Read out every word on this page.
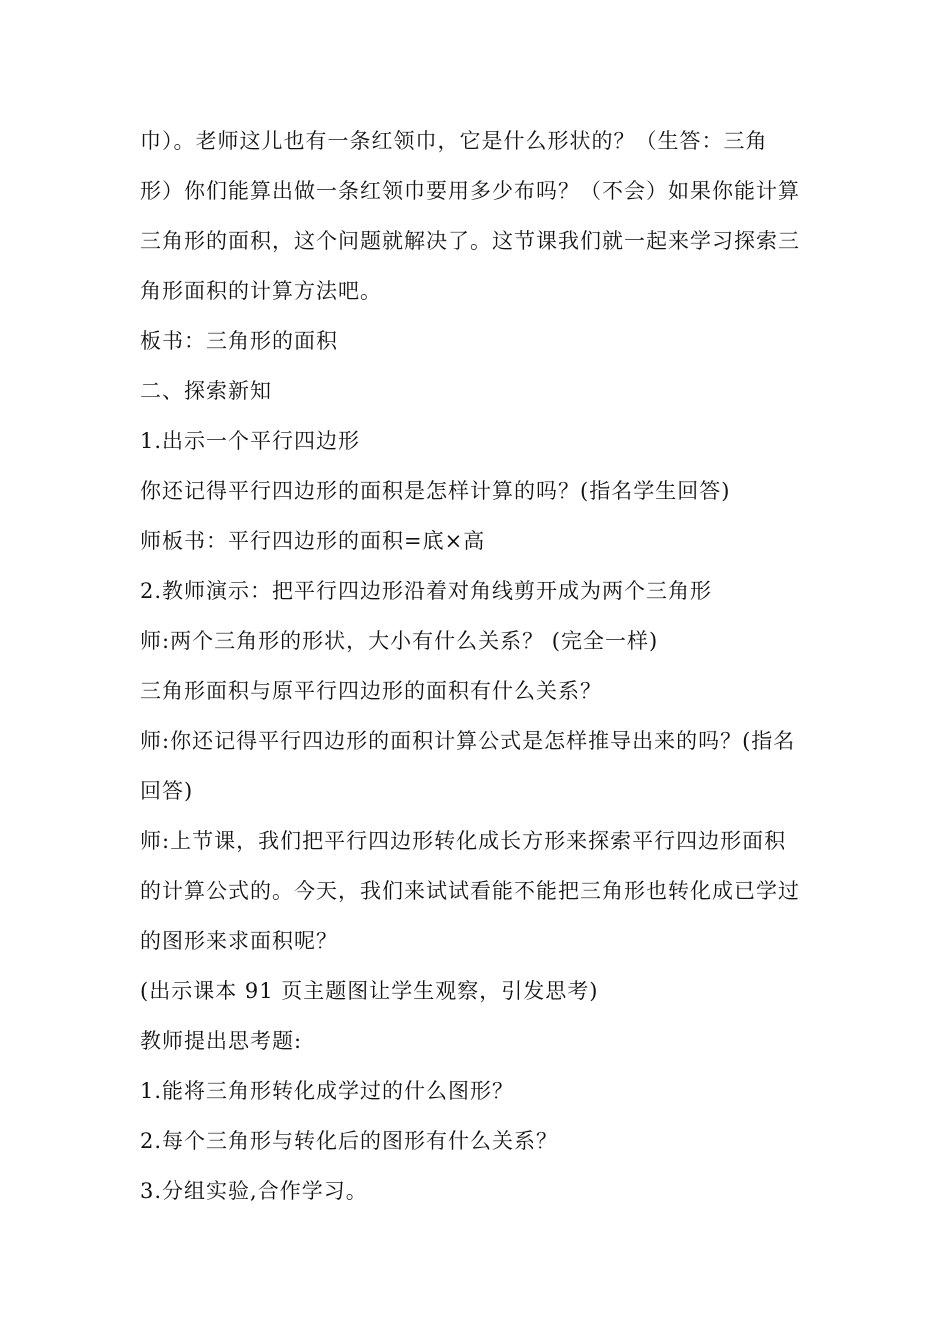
巾）。老师这儿也有一条红领巾，它是什么形状的？（生答：三角
形）你们能算出做一条红领巾要用多少布吗？（不会）如果你能计算
三角形的面积，这个问题就解决了。这节课我们就一起来学习探索三
角形面积的计算方法吧。
板书：三角形的面积
二、探索新知
1.出示一个平行四边形
你还记得平行四边形的面积是怎样计算的吗？(指名学生回答)
师板书：平行四边形的面积=底×高
2.教师演示：把平行四边形沿着对角线剪开成为两个三角形
师:两个三角形的形状，大小有什么关系？ (完全一样)
三角形面积与原平行四边形的面积有什么关系？
师:你还记得平行四边形的面积计算公式是怎样推导出来的吗？(指名
回答)
师:上节课，我们把平行四边形转化成长方形来探索平行四边形面积
的计算公式的。今天，我们来试试看能不能把三角形也转化成已学过
的图形来求面积呢？
(出示课本 91 页主题图让学生观察，引发思考)
教师提出思考题:
1.能将三角形转化成学过的什么图形？
2.每个三角形与转化后的图形有什么关系？
3.分组实验,合作学习。
